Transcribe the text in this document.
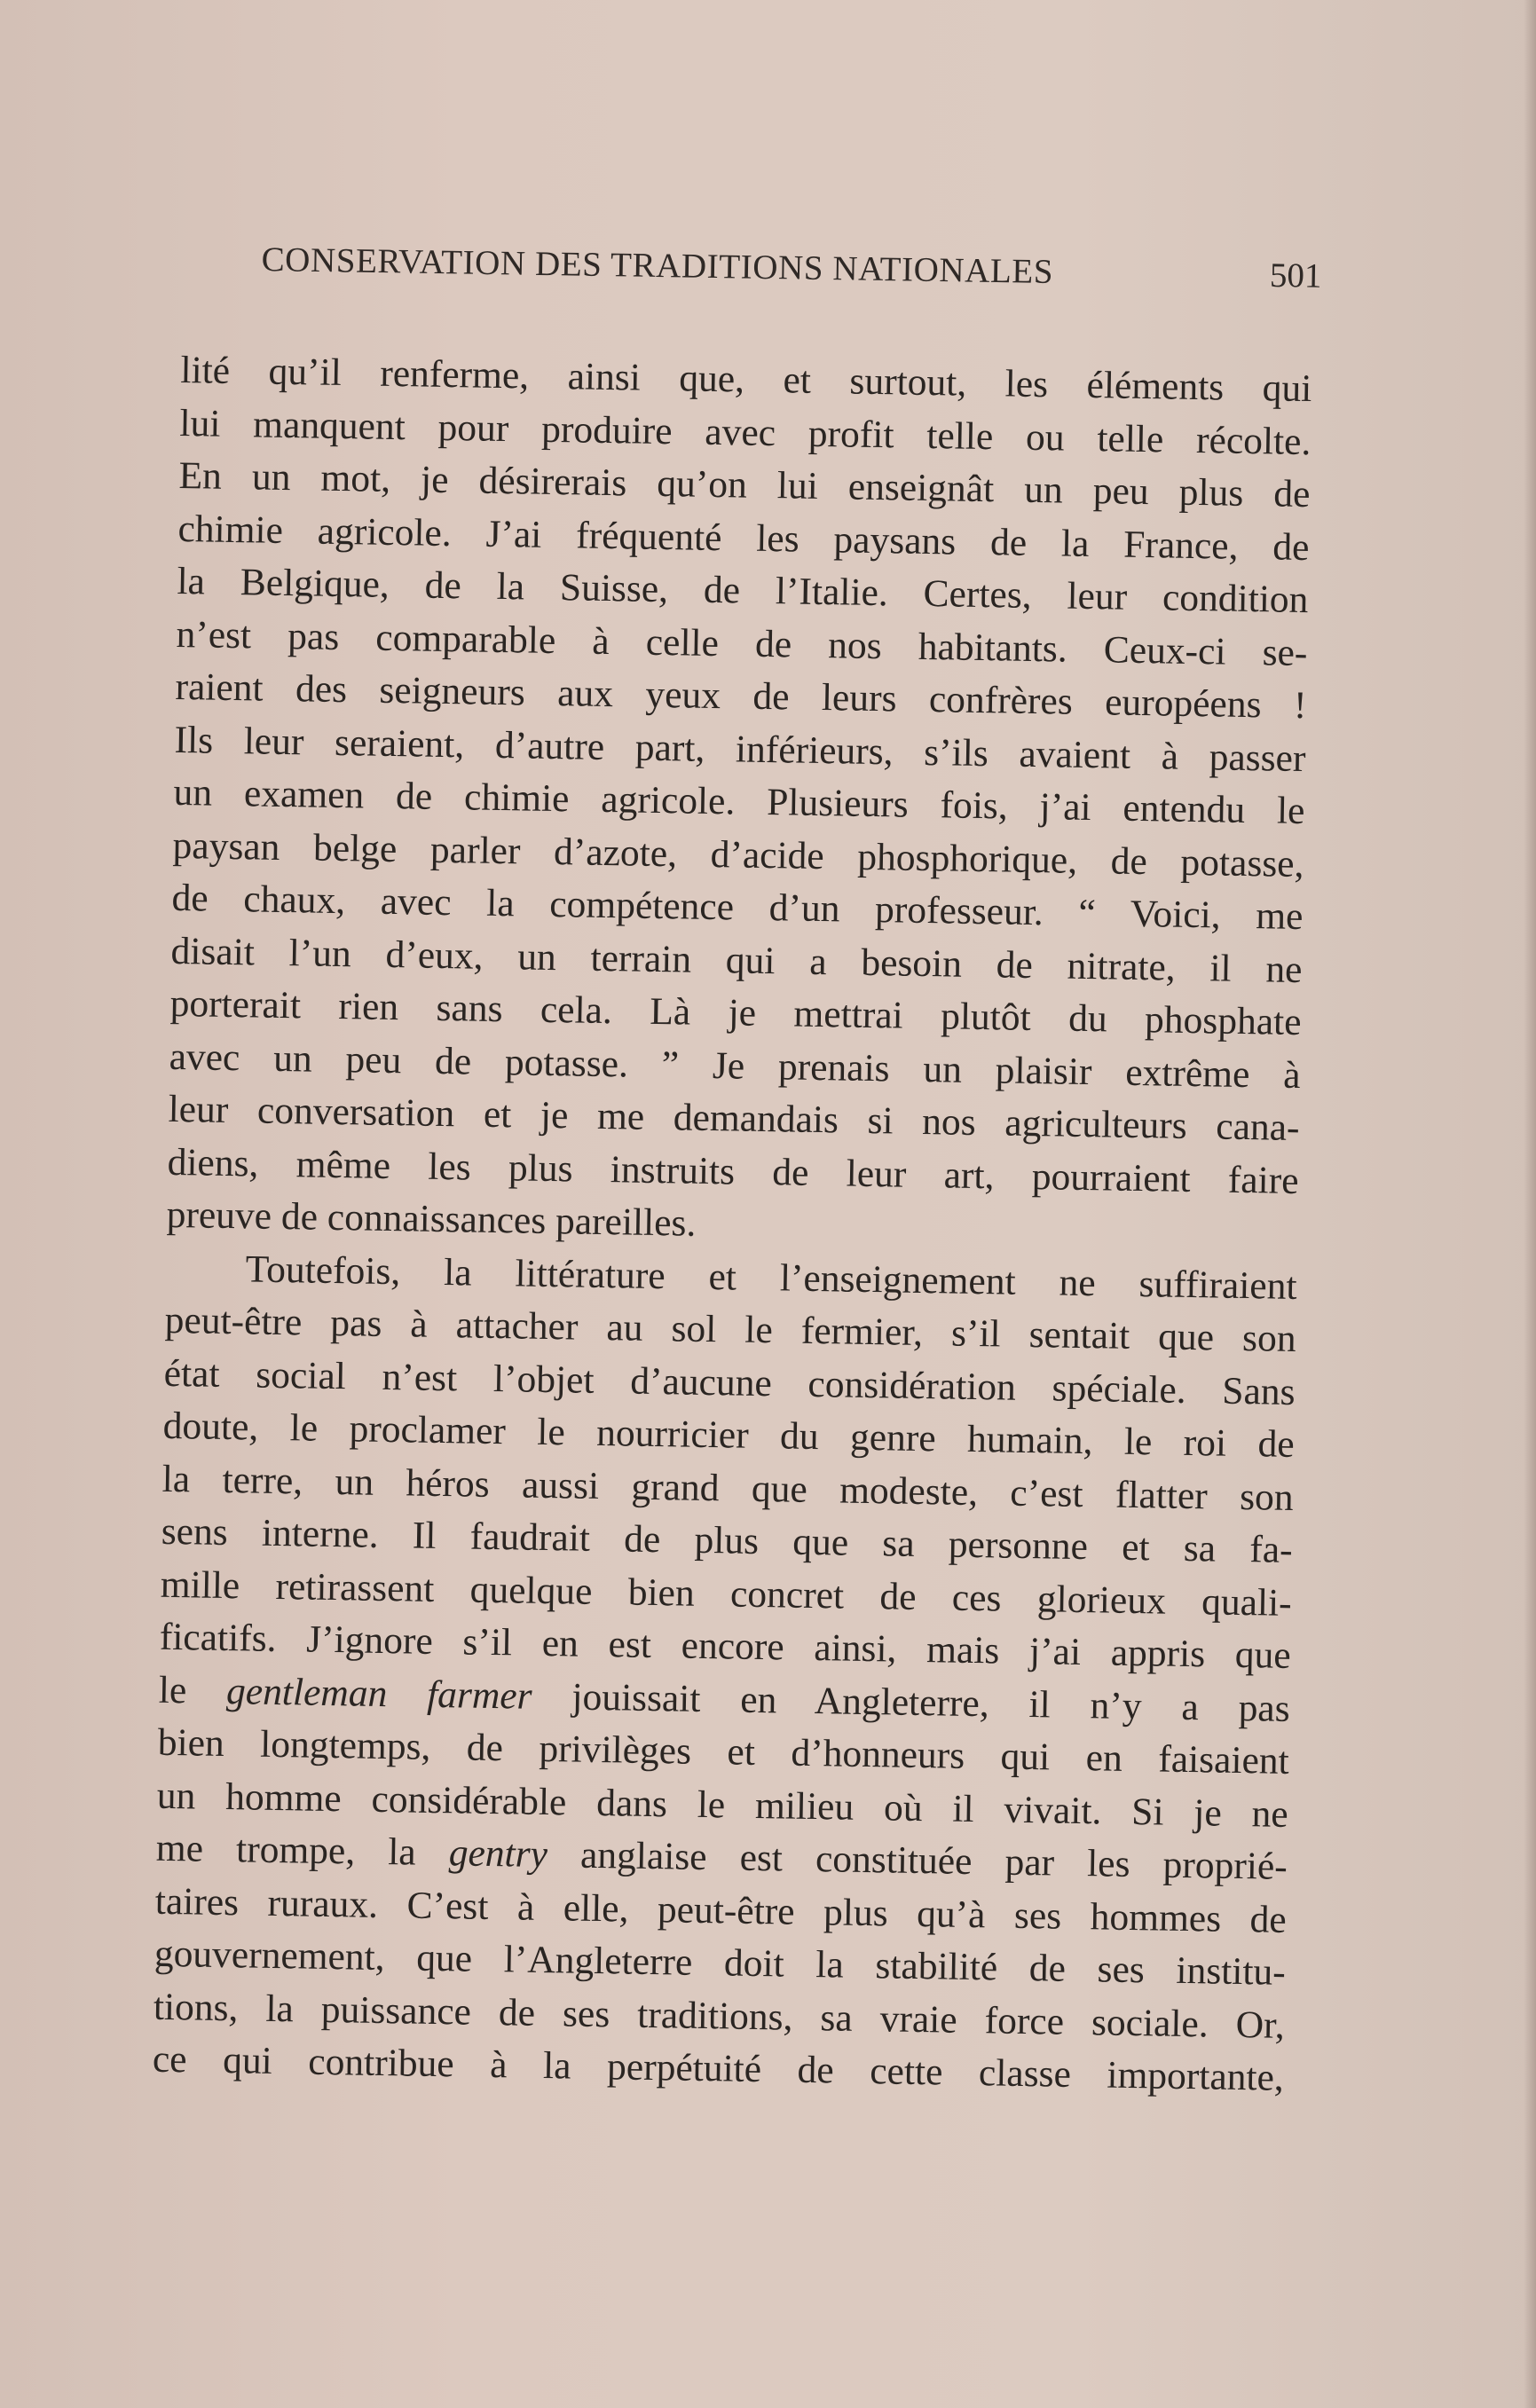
CONSERVATION DES TRADITIONS NATIONALES	501
lité qu’il renferme, ainsi que, et surtout, les éléments qui
lui manquent pour produire avec profit telle ou telle récolte.
En un mot, je désirerais qu’on lui enseignât un peu plus de
chimie agricole. J’ai fréquenté les paysans de la France, de
la Belgique, de la Suisse, de l’Italie. Certes, leur condition
n’est pas comparable à celle de nos habitants. Ceux-ci se-
raient des seigneurs aux yeux de leurs confrères européens !
Ils leur seraient, d’autre part, inférieurs, s’ils avaient à passer
un examen de chimie agricole. Plusieurs fois, j’ai entendu le
paysan belge parler d’azote, d’acide phosphorique, de potasse,
de chaux, avec la compétence d’un professeur. “ Voici, me
disait l’un d’eux, un terrain qui a besoin de nitrate, il ne
porterait rien sans cela. Là je mettrai plutôt du phosphate
avec un peu de potasse. ” Je prenais un plaisir extrême à
leur conversation et je me demandais si nos agriculteurs cana-
diens, même les plus instruits de leur art, pourraient faire
preuve de connaissances pareilles.
Toutefois, la littérature et l’enseignement ne suffiraient
peut-être pas à attacher au sol le fermier, s’il sentait que son
état social n’est l’objet d’aucune considération spéciale. Sans
doute, le proclamer le nourricier du genre humain, le roi de
la terre, un héros aussi grand que modeste, c’est flatter son
sens interne. Il faudrait de plus que sa personne et sa fa-
mille retirassent quelque bien concret de ces glorieux quali-
ficatifs. J’ignore s’il en est encore ainsi, mais j’ai appris que
le gentleman farmer jouissait en Angleterre, il n’y a pas
bien longtemps, de privilèges et d’honneurs qui en faisaient
un homme considérable dans le milieu où il vivait. Si je ne
me trompe, la gentry anglaise est constituée par les proprié-
taires ruraux. C’est à elle, peut-être plus qu’à ses hommes de
gouvernement, que l’Angleterre doit la stabilité de ses institu-
tions, la puissance de ses traditions, sa vraie force sociale. Or,
ce qui contribue à la perpétuité de cette classe importante,
